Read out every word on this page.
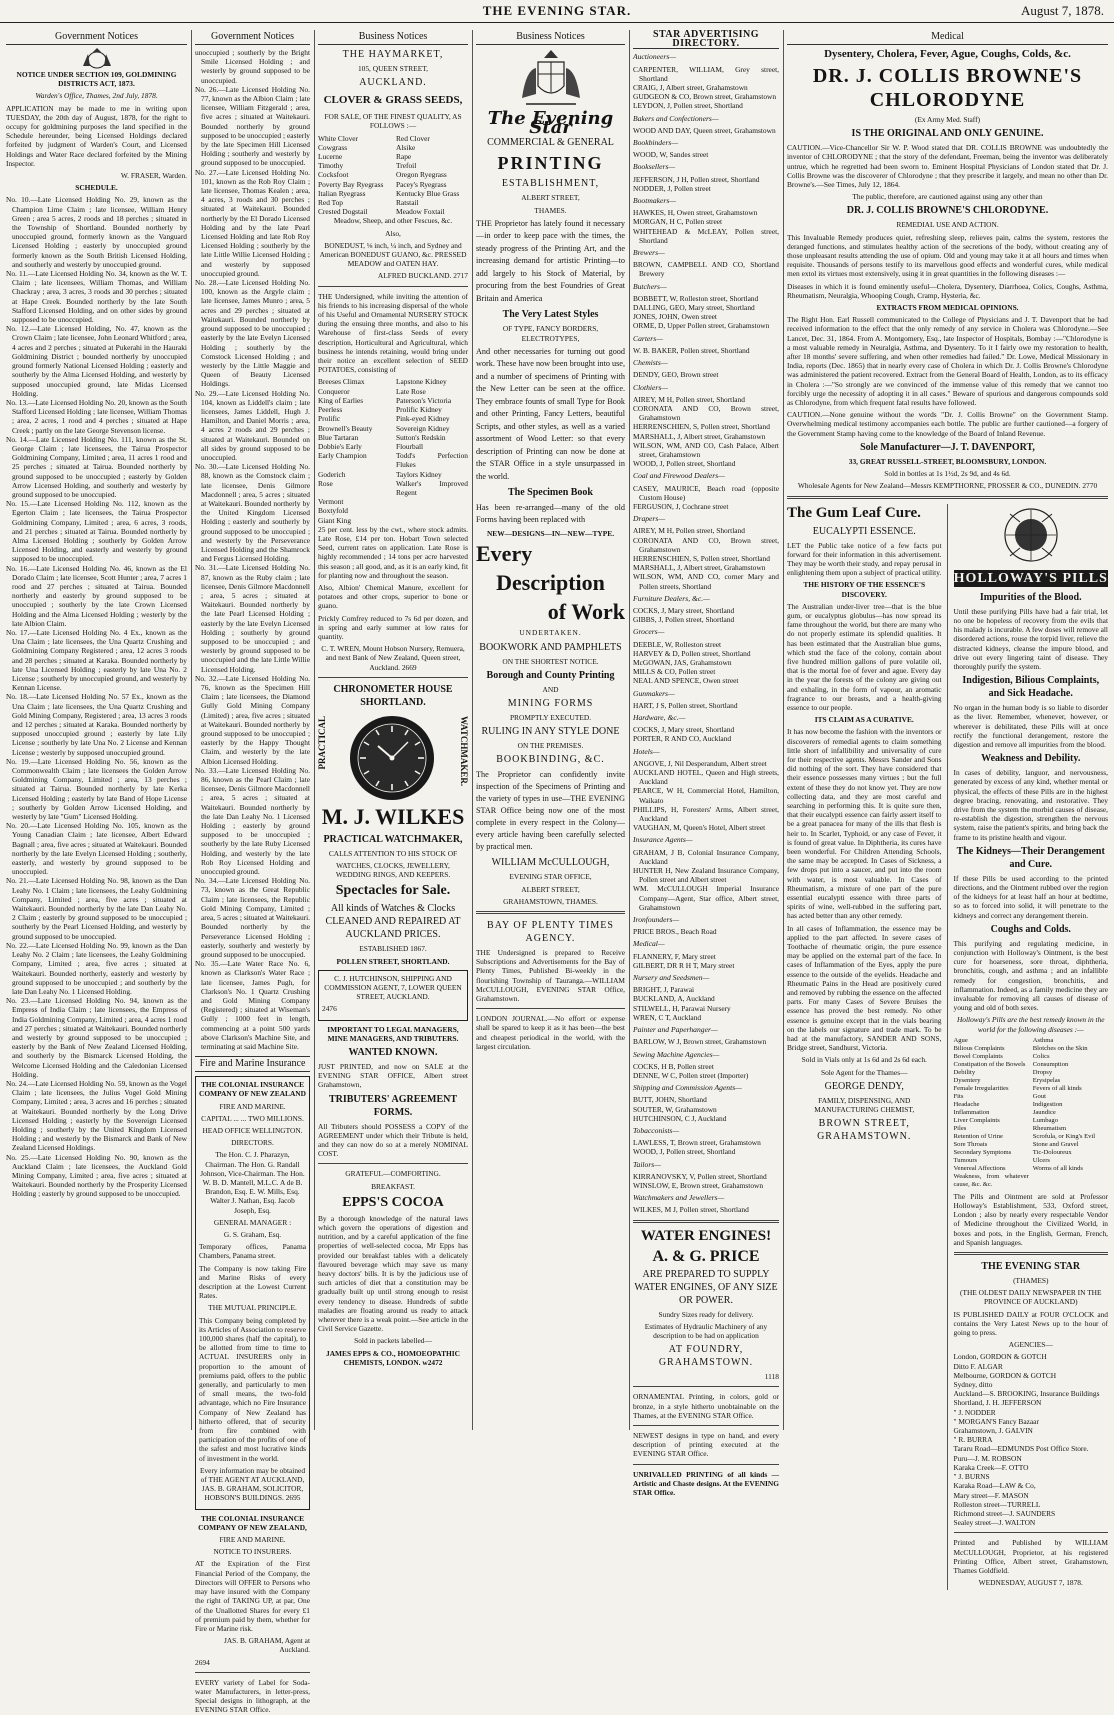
THE EVENING STAR.	August 7, 1878.
Government Notices

NOTICE UNDER SECTION 109, GOLDMINING DISTRICTS ACT, 1873.

Warden's Office, Thames, 2nd July, 1878.

APPLICATION may be made to me in writing upon TUESDAY, the 20th day of August, 1878, for the right to occupy for goldmining purposes the land specified in the Schedule hereunder, being Licensed Holdings declared forfeited by judgment of Warden's Court, and Licensed Holdings and Water Race declared forfeited by the Mining Inspector.

W. FRASER, Warden.

SCHEDULE.

No. 10.—Late Licensed Holding No. 29, known as the Champion Lime Claim ; late licensee, William Henry Green ; area 5 acres, 2 roods and 18 perches ; situated in the Township of Shortland. Bounded northerly by unoccupied ground, formerly known as the Vanguard Licensed Holding ; easterly by unoccupied ground formerly known as the South British Licensed Holding, and southerly and westerly by unoccupied ground.

No. 11.—Late Licensed Holding No. 34, known as the W. T. Claim ; late licensees, William Thomas, and William Chackray ; area, 3 acres, 3 roods and 30 perches ; situated at Hape Creek. Bounded northerly by the late South Stafford Licensed Holding, and on other sides by ground supposed to be unoccupied.

No. 12.—Late Licensed Holding, No. 47, known as the Crown Claim ; late licensee, John Leonard Whitford ; area, 4 acres and 2 perches ; situated at Pukerahi in the Hauraki Goldmining District ; bounded northerly by unoccupied ground formerly National Licensed Holding ; easterly and southerly by the Alma Licensed Holding, and westerly by supposed unoccupied ground, late Midas Licensed Holding.

No. 13.—Late Licensed Holding No. 20, known as the South Stafford Licensed Holding ; late licensee, William Thomas ; area, 2 acres, 1 rood and 4 perches ; situated at Hape Creek ; partly on the late George Stevenson license.

No. 14.—Late Licensed Holding No. 111, known as the St. George Claim ; late licensees, the Tairua Prospector Goldmining Company, Limited ; area, 11 acres 1 rood and 25 perches ; situated at Tairua. Bounded northerly by ground supposed to be unoccupied ; easterly by Golden Arrow Licensed Holding, and southerly and westerly by ground supposed to be unoccupied.

No. 15.—Late Licensed Holding No. 112, known as the Egerton Claim ; late licensees, the Tairua Prospector Goldmining Company, Limited ; area, 6 acres, 3 roods, and 21 perches ; situated at Tairua. Bounded northerly by Alma Licensed Holding ; southerly by Golden Arrow Licensed Holding, and easterly and westerly by ground supposed to be unoccupied.

No. 16.—Late Licensed Holding No. 46, known as the El Dorado Claim ; late licensee, Scott Hunter ; area, 7 acres 1 rood and 27 perches ; situated at Tairua. Bounded northerly and easterly by ground supposed to be unoccupied ; southerly by the late Crown Licensed Holding and the Alma Licensed Holding ; westerly by the late Albion Claim.

No. 17.—Late Licensed Holding No. 4 Ex., known as the Una Claim ; late licensees, the Una Quartz Crushing and Goldmining Company Registered ; area, 12 acres 3 roods and 28 perches ; situated at Karaka. Bounded northerly by late Una Licensed Holding ; easterly by late Una No. 2 License ; southerly by unoccupied ground, and westerly by Kennan License.

No. 18.—Late Licensed Holding No. 57 Ex., known as the Una Claim ; late licensees, the Una Quartz Crushing and Gold Mining Company, Registered ; area, 13 acres 3 roods and 12 perches ; situated at Karaka. Bounded northerly by supposed unoccupied ground ; easterly by late Lily License ; southerly by late Una No. 2 License and Kennan License ; westerly by supposed unoccupied ground.

No. 19.—Late Licensed Holding No. 56, known as the Commonwealth Claim ; late licensees the Golden Arrow Goldmining Company, Limited ; area, 13 perches ; situated at Tairua. Bounded northerly by late Kerka Licensed Holding ; easterly by late Band of Hope License ; southerly by Golden Arrow Licensed Holding, and westerly by late "Gum" Licensed Holding.

No. 20.—Late Licensed Holding No. 105, known as the Young Canadian Claim ; late licensee, Albert Edward Bagnall ; area, five acres ; situated at Waitekauri. Bounded northerly by the late Evelyn Licensed Holding ; southerly, easterly, and westerly by ground supposed to be unoccupied.

No. 21.—Late Licensed Holding No. 98, known as the Dan Leahy No. 1 Claim ; late licensees, the Leahy Goldmining Company, Limited ; area, five acres ; situated at Waitekauri. Bounded northerly by the late Dan Leahy No. 2 Claim ; easterly by ground supposed to be unoccupied ; southerly by the Pearl Licensed Holding, and westerly by ground supposed to be unoccupied.

No. 22.—Late Licensed Holding No. 99, known as the Dan Leahy No. 2 Claim ; late licensees, the Leahy Goldmining Company, Limited ; area, five acres ; situated at Waitekauri. Bounded northerly, easterly and westerly by ground supposed to be unoccupied ; and southerly by the late Dan Leahy No. 1 Licensed Holding.

No. 23.—Late Licensed Holding No. 94, known as the Empress of India Claim ; late licensees, the Empress of India Goldmining Company, Limited ; area, 4 acres 1 rood and 27 perches ; situated at Waitekauri. Bounded northerly and westerly by ground supposed to be unoccupied ; easterly by the Bank of New Zealand Licensed Holding, and southerly by the Bismarck Licensed Holding, the Welcome Licensed Holding and the Caledonian Licensed Holding.

No. 24.—Late Licensed Holding No. 59, known as the Vogel Claim ; late licensees, the Julius Vogel Gold Mining Company, Limited ; area, 3 acres and 16 perches ; situated at Waitekauri. Bounded northerly by the Long Drive Licensed Holding ; easterly by the Sovereign Licensed Holding ; southerly by the United Kingdom Licensed Holding ; and westerly by the Bismarck and Bank of New Zealand Licensed Holdings.

No. 25.—Late Licensed Holding No. 90, known as the Auckland Claim ; late licensees, the Auckland Gold Mining Company, Limited ; area, five acres ; situated at Waitekauri. Bounded northerly by the Prosperity Licensed Holding ; easterly by ground supposed to be unoccupied.

Government Notices

unoccupied ; southerly by the Bright Smile Licensed Holding ; and westerly by ground supposed to be unoccupied.

No. 26.—Late Licensed Holding No. 77, known as the Albion Claim ; late licensee, William Fitzgerald ; area, five acres ; situated at Waitekauri. Bounded northerly by ground supposed to be unoccupied ; easterly by the late Specimen Hill Licensed Holding ; southerly and westerly by ground supposed to be unoccupied.

No. 27.—Late Licensed Holding No. 101, known as the Rob Roy Claim ; late licensee, Thomas Kealen ; area, 4 acres, 3 roods and 30 perches ; situated at Waitekauri. Bounded northerly by the El Dorado Licensed Holding and by the late Pearl Licensed Holding and late Rob Roy Licensed Holding ; southerly by the late Little Willie Licensed Holding ; and westerly by supposed unoccupied ground.

No. 28.—Late Licensed Holding No. 100, known as the Argyle claim ; late licensee, James Munro ; area, 5 acres and 29 perches ; situated at Waitekauri. Bounded northerly by ground supposed to be unoccupied ; easterly by the late Evelyn Licensed Holding ; southerly by the Comstock Licensed Holding ; and westerly by the Little Maggie and Queen of Beauty Licensed Holdings.

No. 29.—Late Licensed Holding No. 104, known as Liddell's claim ; late licensees, James Liddell, Hugh J. Hamilton, and Daniel Morris ; area, 4 acres 2 roods and 29 perches ; situated at Waitekauri. Bounded on all sides by ground supposed to be unoccupied.

No. 30.—Late Licensed Holding No. 88, known as the Comstock claim ; late licensee, Denis Gilmore Macdonnell ; area, 5 acres ; situated at Waitekauri. Bounded northerly by the United Kingdom Licensed Holding ; easterly and southerly by ground supposed to be unoccupied ; and westerly by the Perseverance Licensed Holding and the Shamrock and Fergus Licensed Holding.

No. 31.—Late Licensed Holding No. 87, known as the Ruby claim ; late licensee, Denis Gilmore Macdonnell ; area, 5 acres ; situated at Waitekauri. Bounded northerly by the late Pearl Licensed Holding ; easterly by the late Evelyn Licensed Holding ; southerly by ground supposed to be unoccupied ; and westerly by ground supposed to be unoccupied and the late Little Willie Licensed Holding.

No. 32.—Late Licensed Holding No. 76, known as the Specimen Hill Claim ; late licensees, the Diamond Gully Gold Mining Company (Limited) ; area, five acres ; situated at Waitekauri. Bounded northerly by ground supposed to be unoccupied ; easterly by the Happy Thought Claim, and westerly by the late Albion Licensed Holding.

No. 33.—Late Licensed Holding No. 86, known as the Pearl Claim ; late licensee, Denis Gilmore Macdonnell ; area, 5 acres ; situated at Waitekauri. Bounded northerly by the late Dan Leahy No. 1 Licensed Holding ; easterly by ground supposed to be unoccupied ; southerly by the late Ruby Licensed Holding, and westerly by the late Rob Roy Licensed Holding and unoccupied ground.

No. 34.—Late Licensed Holding No. 73, known as the Great Republic Claim ; late licensees, the Republic Gold Mining Company, Limited ; area, 5 acres ; situated at Waitekauri. Bounded northerly by the Perseverance Licensed Holding ; easterly, southerly and westerly by ground supposed to be unoccupied.

No. 35.—Late Water Race No. 6, known as Clarkson's Water Race ; late licensee, James Pugh, for Clarkson's No. 1 Quartz Crushing and Gold Mining Company (Registered) ; situated at Wiseman's Gully ; 1000 feet in length, commencing at a point 500 yards above Clarkson's Machine Site, and terminating at said Machine Site.

Fire and Marine Insurance

THE COLONIAL INSURANCE COMPANY OF NEW ZEALAND

FIRE AND MARINE.

CAPITAL ... ... TWO MILLIONS.

HEAD OFFICE WELLINGTON.

DIRECTORS.

The Hon. C. J. Pharazyn, Chairman. The Hon. G. Randall Johnson, Vice-Chairman. The Hon. W. B. D. Mantell, M.L.C. A de B. Brandon, Esq. E. W. Mills, Esq. Walter J. Nathan, Esq. Jacob Joseph, Esq.

GENERAL MANAGER :

G. S. Graham, Esq.

Temporary offices, Panama Chambers, Panama street.

The Company is now taking Fire and Marine Risks of every description at the Lowest Current Rates.

THE MUTUAL PRINCIPLE.

This Company being completed by its Articles of Association to reserve 100,000 shares (half the capital), to be allotted from time to time to ACTUAL INSURERS only in proportion to the amount of premiums paid, offers to the public generally, and particularly to men of small means, the two-fold advantage, which no Fire Insurance Company of New Zealand has hitherto offered, that of security from fire combined with participation of the profits of one of the safest and most lucrative kinds of investment in the world.

Every information may be obtained of THE AGENT AT AUCKLAND, JAS. B. GRAHAM, SOLICITOR, HOBSON'S BUILDINGS. 2695

THE COLONIAL INSURANCE COMPANY OF NEW ZEALAND,

FIRE AND MARINE.

NOTICE TO INSURERS.

AT the Expiration of the First Financial Period of the Company, the Directors will OFFER to Persons who may have insured with the Company the right of TAKING UP, at par, One of the Unallotted Shares for every £1 of premium paid by them, whether for Fire or Marine risk.

JAS. B. GRAHAM, Agent at Auckland.

2694

EVERY variety of Label for Soda-water Manufacturers, in letter-press, Special designs in lithograph, at the EVENING STAR Office.

Business Notices

THE HAYMARKET,

105, QUEEN STREET,

AUCKLAND.

CLOVER & GRASS SEEDS,

FOR SALE, OF THE FINEST QUALITY, AS FOLLOWS :—

White Clover	Red Clover
Cowgrass	Alsike
Lucerne	Rape
Timothy	Trefoil
Cocksfoot	Oregon Ryegrass
Poverty Bay Ryegrass	Pacey's Ryegrass
Italian Ryegrass	Kentucky Blue Grass
Red Top	Ratstail
Crested Dogstail	Meadow Foxtail

Meadow, Sheep, and other Fescues, &c.

Also,

BONEDUST, ⅛ inch, ¼ inch, and Sydney and American BONEDUST GUANO, &c. PRESSED MEADOW and OATEN HAY.

ALFRED BUCKLAND. 2717

THE Undersigned, while inviting the attention of his friends to his increasing dispersal of the whole of his Useful and Ornamental NURSERY STOCK during the ensuing three months, and also to his Warehouse of first-class Seeds of every description, Horticultural and Agricultural, which business he intends retaining, would bring under their notice an excellent selection of SEED POTATOES, consisting of

Breeses Climax	Lapstone Kidney
Conqueror	Late Rose
King of Earlies	Paterson's Victoria
Peerless	Prolific Kidney
Prolific	Pink-eyed Kidney
Brownell's Beauty	Sovereign Kidney
Blue Tartaran	Sutton's Redskin
Dobbie's Early	Flourball
Early Champion	Todd's Perfection Flukes
Goderich	Taylors Kidney
Rose	Walker's Improved Regent
Vermont
Boxtyfold
Giant King

25 per cent. less by the cwt., where stock admits. Late Rose, £14 per ton. Hobart Town selected Seed, current rates on application. Late Rose is highly recommended ; 14 tons per acre harvested this season ; all good, and, as it is an early kind, fit for planting now and throughout the season.

Also, Albion' Chemical Manure, excellent for potatoes and other crops, superior to bone or guano.

Prickly Comfrey reduced to 7s 6d per dozen, and in spring and early summer at low rates for quantity.

C. T. WREN, Mount Hobson Nursery, Remuera, and next Bank of New Zealand, Queen street, Auckland. 2669

CHRONOMETER HOUSE SHORTLAND.

PRACTICAL	WATCHMAKER.

M. J. WILKES

PRACTICAL WATCHMAKER,

CALLS ATTENTION TO HIS STOCK OF

WATCHES, CLOCKS, JEWELLERY, WEDDING RINGS, AND KEEPERS.

Spectacles for Sale.

All kinds of Watches & Clocks CLEANED AND REPAIRED AT AUCKLAND PRICES.

ESTABLISHED 1867.

POLLEN STREET, SHORTLAND.

C. J. HUTCHINSON, SHIPPING AND COMMISSION AGENT, 7, LOWER QUEEN STREET, AUCKLAND.

2476

IMPORTANT TO LEGAL MANAGERS, MINE MANAGERS, AND TRIBUTERS.

WANTED KNOWN.

JUST PRINTED, and now on SALE at the EVENING STAR OFFICE, Albert street Grahamstown,

TRIBUTERS' AGREEMENT FORMS.

All Tributers should POSSESS a COPY of the AGREEMENT under which their Tribute is held, and they can now do so at a merely NOMINAL COST.

GRATEFUL—COMFORTING.

BREAKFAST.

EPPS'S COCOA

By a thorough knowledge of the natural laws which govern the operations of digestion and nutrition, and by a careful application of the fine properties of well-selected cocoa, Mr Epps has provided our breakfast tables with a delicately flavoured beverage which may save us many heavy doctors' bills. It is by the judicious use of such articles of diet that a constitution may be gradually built up until strong enough to resist every tendency to disease. Hundreds of subtle maladies are floating around us ready to attack wherever there is a weak point.—See article in the Civil Service Gazette.

Sold in packets labelled—

JAMES EPPS & CO., HOMOEOPATHIC CHEMISTS, LONDON. w2472

Business Notices

The Evening Star

COMMERCIAL & GENERAL

PRINTING

ESTABLISHMENT,

ALBERT STREET,

THAMES.

THE Proprietor has lately found it necessary—in order to keep pace with the times, the steady progress of the Printing Art, and the increasing demand for artistic Printing—to add largely to his Stock of Material, by procuring from the best Foundries of Great Britain and America

The Very Latest Styles

OF TYPE, FANCY BORDERS, ELECTROTYPES,

And other necessaries for turning out good work. These have now been brought into use, and a number of specimens of Printing with the New Letter can be seen at the office. They embrace founts of small Type for Book and other Printing, Fancy Letters, beautiful Scripts, and other styles, as well as a varied assortment of Wood Letter: so that every description of Printing can now be done at the STAR Office in a style unsurpassed in the world.

The Specimen Book

Has been re-arranged—many of the old Forms having been replaced with

NEW—DESIGNS—IN—NEW—TYPE.

Every

Description

of Work

UNDERTAKEN.

BOOKWORK AND PAMPHLETS

ON THE SHORTEST NOTICE.

Borough and County Printing

AND

MINING FORMS

PROMPTLY EXECUTED.

RULING IN ANY STYLE DONE

ON THE PREMISES.

BOOKBINDING, &C.

The Proprietor can confidently invite inspection of the Specimens of Printing and the variety of types in use—THE EVENING STAR Office being now one of the most complete in every respect in the Colony—every article having been carefully selected by practical men.

WILLIAM McCULLOUGH,

EVENING STAR OFFICE,

ALBERT STREET,

GRAHAMSTOWN, THAMES.

BAY OF PLENTY TIMES AGENCY.

THE Undersigned is prepared to Receive Subscriptions and Advertisements for the Bay of Plenty Times, Published Bi-weekly in the flourishing Township of Tauranga.—WILLIAM McCULLOUGH, EVENING STAR Office, Grahamstown.

LONDON JOURNAL.—No effort or expense shall be spared to keep it as it has been—the best and cheapest periodical in the world, with the largest circulation.

STAR ADVERTISING DIRECTORY.

Auctioneers—

CARPENTER, WILLIAM, Grey street, Shortland

CRAIG, J, Albert street, Grahamstown

GUDGEON & CO, Brown street, Grahamstown

LEYDON, J, Pollen street, Shortland

Bakers and Confectioners—

WOOD AND DAY, Queen street, Grahamstown

Bookbinders—

WOOD, W, Sandes street

Booksellers—

JEFFERSON, J H, Pollen street, Shortland

NODDER, J, Pollen street

Bootmakers—

HAWKES, H, Owen street, Grahamstown

MORGAN, H C, Pollen street

WHITEHEAD & McLEAY, Pollen street, Shortland

Brewers—

BROWN, CAMPBELL AND CO, Shortland Brewery

Butchers—

BOBBETT, W, Rolleston street, Shortland

DALLING, GEO, Mary street, Shortland

JONES, JOHN, Owen street

ORME, D, Upper Pollen street, Grahamstown

Carters—

W. B. BAKER, Pollen street, Shortland

Chemists—

DENDY, GEO, Brown street

Clothiers—

AIREY, M H, Pollen street, Shortland

CORONATA AND CO, Brown street, Grahamstown

HERRENSCHIEN, S, Pollen street, Shortland

MARSHALL, J, Albert street, Grahamstown

WILSON, WM, AND CO, Cash Palace, Albert street, Grahamstown

WOOD, J, Pollen street, Shortland

Coal and Firewood Dealers—

CASEY, MAURICE, Beach road (opposite Custom House)

FERGUSON, J, Cochrane street

Drapers—

AIREY, M H, Pollen street, Shortland

CORONATA AND CO, Brown street, Grahamstown

HERRENSCHIEN, S, Pollen street, Shortland

MARSHALL, J, Albert street, Grahamstown

WILSON, WM, AND CO, corner Mary and Pollen streets, Shortland

Furniture Dealers, &c.—

COCKS, J, Mary street, Shortland

GIBBS, J, Pollen street, Shortland

Grocers—

DEEBLE, W, Rolleston street

HARVEY & D, Pollen street, Shortland

McGOWAN, JAS, Grahamstown

MILLS & CO, Pollen street

NEAL AND SPENCE, Owen street

Gunmakers—

HART, J S, Pollen street, Shortland

Hardware, &c.—

COCKS, J, Mary street, Shortland

PORTER, R AND CO, Auckland

Hotels—

ANGOVE, J, Nil Desperandum, Albert street

AUCKLAND HOTEL, Queen and High streets, Auckland

PEARCE, W H, Commercial Hotel, Hamilton, Waikato

PHILLIPS, H, Foresters' Arms, Albert street, Auckland

VAUGHAN, M, Queen's Hotel, Albert street

Insurance Agents—

GRAHAM, J B, Colonial Insurance Company, Auckland

HUNTER H, New Zealand Insurance Company, Pollen street and Albert street

WM. McCULLOUGH Imperial Insurance Company—Agent, Star office, Albert street, Grahamstown

Ironfounders—

PRICE BROS., Beach Road

Medical—

FLANNERY, F, Mary street

GILBERT, DR R H T, Mary street

Nursery and Seedsmen—

BRIGHT, J, Parawai

BUCKLAND, A, Auckland

STILWELL, H, Parawai Nursery

WREN, C T, Auckland

Painter and Paperhanger—

BARLOW, W J, Brown street, Grahamstown

Sewing Machine Agencies—

COCKS, H B, Pollen street

DENNE, W C, Pollen street (Importer)

Shipping and Commission Agents—

BUTT, JOHN, Shortland

SOUTER, W, Grahamstown

HUTCHINSON, C J, Auckland

Tobacconists—

LAWLESS, T, Brown street, Grahamstown

WOOD, J, Pollen street, Shortland

Tailors—

KIRRANOVSKY, V, Pollen street, Shortland

WINSLOW, E, Brown street, Grahamstown

Watchmakers and Jewellers—

WILKES, M J, Pollen street, Shortland

WATER ENGINES!

A. & G. PRICE

ARE PREPARED TO SUPPLY WATER ENGINES, OF ANY SIZE OR POWER.

Sundry Sizes ready for delivery.

Estimates of Hydraulic Machinery of any description to be had on application

AT FOUNDRY, GRAHAMSTOWN.

1118

ORNAMENTAL Printing, in colors, gold or bronze, in a style hitherto unobtainable on the Thames, at the EVENING STAR Office.

NEWEST designs in type on hand, and every description of printing executed at the EVENING STAR Office.

UNRIVALLED PRINTING of all kinds —Artistic and Chaste designs. At the EVENING STAR Office.

Medical

Dysentery, Cholera, Fever, Ague, Coughs, Colds, &c.

DR. J. COLLIS BROWNE'S CHLORODYNE

(Ex Army Med. Staff)

IS THE ORIGINAL AND ONLY GENUINE.

CAUTION.—Vice-Chancellor Sir W. P. Wood stated that DR. COLLIS BROWNE was undoubtedly the inventor of CHLORODYNE ; that the story of the defendant, Freeman, being the inventor was deliberately untrue, which he regretted had been sworn to. Eminent Hospital Physicians of London stated that Dr. J. Collis Browne was the discoverer of Chlorodyne ; that they prescribe it largely, and mean no other than Dr. Browne's.—See Times, July 12, 1864.

The public, therefore, are cautioned against using any other than

DR. J. COLLIS BROWNE'S CHLORODYNE.

REMEDIAL USE AND ACTION.

This Invaluable Remedy produces quiet, refreshing sleep, relieves pain, calms the system, restores the deranged functions, and stimulates healthy action of the secretions of the body, without creating any of those unpleasant results attending the use of opium. Old and young may take it at all hours and times when requisite. Thousands of persons testify to its marvellous good effects and wonderful cures, while medical men extol its virtues most extensively, using it in great quantities in the following diseases :—

Diseases in which it is found eminently useful—Cholera, Dysentery, Diarrhoea, Colics, Coughs, Asthma, Rheumatism, Neuralgia, Whooping Cough, Cramp, Hysteria, &c.

EXTRACTS FROM MEDICAL OPINIONS.

The Right Hon. Earl Russell communicated to the College of Physicians and J. T. Davenport that he had received information to the effect that the only remedy of any service in Cholera was Chlorodyne.—See Lancet, Dec. 31, 1864. From A. Montgomery, Esq., late Inspector of Hospitals, Bombay :—"Chlorodyne is a most valuable remedy in Neuralgia, Asthma, and Dysentery. To it I fairly owe my restoration to health, after 18 months' severe suffering, and when other remedies had failed." Dr. Lowe, Medical Missionary in India, reports (Dec. 1865) that in nearly every case of Cholera in which Dr. J. Collis Browne's Chlorodyne was administered the patient recovered. Extract from the General Board of Health, London, as to its efficacy in Cholera :—"So strongly are we convinced of the immense value of this remedy that we cannot too forcibly urge the necessity of adopting it in all cases." Beware of spurious and dangerous compounds sold as Chlorodyne, from which frequent fatal results have followed.

CAUTION.—None genuine without the words "Dr. J. Collis Browne" on the Government Stamp. Overwhelming medical testimony accompanies each bottle. The public are further cautioned—a forgery of the Government Stamp having come to the knowledge of the Board of Inland Revenue.

Sole Manufacturer—J. T. DAVENPORT,

33, GREAT RUSSELL-STREET, BLOOMSBURY, LONDON.

Sold in bottles at 1s 1½d, 2s 9d, and 4s 6d.

Wholesale Agents for New Zealand—Messrs KEMPTHORNE, PROSSER & CO., DUNEDIN. 2770

The Gum Leaf Cure.

EUCALYPTI ESSENCE.

LET the Public take notice of a few facts put forward for their information in this advertisement. They may be worth their study, and repay perusal in enlightening them upon a subject of practical utility.

THE HISTORY OF THE ESSENCE'S DISCOVERY.

The Australian under-liver tree—that is the blue gum, or eucalyptus globulus—has now spread its fame throughout the world, but there are many who do not properly estimate its splendid qualities. It has been estimated that the Australian blue gums, which stud the face of the colony, contain about five hundred million gallons of pure volatile oil, that is the mortal foe of fever and ague. Every day in the year the forests of the colony are giving out and exhaling, in the form of vapour, an aromatic fragrance to our breasts, and a health-giving essence to our people.

ITS CLAIM AS A CURATIVE.

It has now become the fashion with the inventors or discoverers of remedial agents to claim something little short of infallibility and universality of cure for their respective agents. Messrs Sander and Sons did nothing of the sort. They have considered that their essence possesses many virtues ; but the full extent of these they do not know yet. They are now collecting data, and they are most careful and searching in performing this. It is quite sure then, that their eucalypti essence can fairly assert itself to be a great panacea for many of the ills that flesh is heir to. In Scarlet, Typhoid, or any case of Fever, it is found of great value. In Diphtheria, its cures have been wonderful. For Children Attending Schools, the same may be accepted. In Cases of Sickness, a few drops put into a saucer, and put into the room with water, is most valuable. In Cases of Rheumatism, a mixture of one part of the pure essential eucalypti essence with three parts of spirits of wine, well-rubbed in the suffering part, has acted better than any other remedy.

In all cases of Inflammation, the essence may be applied to the part affected. In severe cases of Toothache of rheumatic origin, the pure essence may be applied on the external part of the face. In cases of Inflammation of the Eyes, apply the pure essence to the outside of the eyelids. Headache and Rheumatic Pains in the Head are positively cured and removed by rubbing the essence on the affected parts. For many Cases of Severe Bruises the essence has proved the best remedy. No other essence is genuine except that in the vials bearing on the labels our signature and trade mark. To be had at the manufactory, SANDER AND SONS, Bridge street, Sandhurst, Victoria.

Sold in Vials only at 1s 6d and 2s 6d each.

Sole Agent for the Thames—

GEORGE DENDY,

FAMILY, DISPENSING, AND MANUFACTURING CHEMIST,

BROWN STREET, GRAHAMSTOWN.

HOLLOWAY'S PILLS

Impurities of the Blood.

Until these purifying Pills have had a fair trial, let no one be hopeless of recovery from the evils that his malady is incurable. A few doses will remove all disordered actions, rouse the torpid liver, relieve the distracted kidneys, cleanse the impure blood, and drive out every lingering taint of disease. They thoroughly purify the system.

Indigestion, Bilious Complaints, and Sick Headache.

No organ in the human body is so liable to disorder as the liver. Remember, whenever, however, or wherever is debilitated, these Pills will at once rectify the functional derangement, restore the digestion and remove all impurities from the blood.

Weakness and Debility.

In cases of debility, languor, and nervousness, generated by excess of any kind, whether mental or physical, the effects of these Pills are in the highest degree bracing, renovating, and restorative. They drive from the system the morbid causes of disease, re-establish the digestion, strengthen the nervous system, raise the patient's spirits, and bring back the frame to its pristine health and vigour.

The Kidneys—Their Derangement and Cure.

If these Pills be used according to the printed directions, and the Ointment rubbed over the region of the kidneys for at least half an hour at bedtime, so as to forced into solid, it will penetrate to the kidneys and correct any derangement therein.

Coughs and Colds.

This purifying and regulating medicine, in conjunction with Holloway's Ointment, is the best cure for hoarseness, sore throat, diphtheria, bronchitis, cough, and asthma ; and an infallible remedy for congestion, bronchitis, and inflammation. Indeed, as a family medicine they are invaluable for removing all causes of disease of young and old of both sexes.

Holloway's Pills are the best remedy known in the world for the following diseases :—

Ague	Asthma
Bilious Complaints	Blotches on the Skin
Bowel Complaints	Colics
Constipation of the Bowels	Consumption
Debility	Dropsy
Dysentery	Erysipelas
Female Irregularities	Fevers of all kinds
Fits	Gout
Headache	Indigestion
Inflammation	Jaundice
Liver Complaints	Lumbago
Piles	Rheumatism
Retention of Urine	Scrofula, or King's Evil
Sore Throats	Stone and Gravel
Secondary Symptoms	Tic-Doloureux
Tumours	Ulcers
Venereal Affections	Worms of all kinds
Weakness, from whatever cause, &c. &c.

The Pills and Ointment are sold at Professor Holloway's Establishment, 533, Oxford street, London ; also by nearly every respectable Vendor of Medicine throughout the Civilized World, in boxes and pots, in the English, German, French, and Spanish languages.

THE EVENING STAR

(THAMES)

(THE OLDEST DAILY NEWSPAPER IN THE PROVINCE OF AUCKLAND)

IS PUBLISHED DAILY at FOUR O'CLOCK and contains the Very Latest News up to the hour of going to press.

AGENCIES—

London, GORDON & GOTCH

Ditto F. ALGAR

Melbourne, GORDON & GOTCH

Sydney, ditto

Auckland—S. BROOKING, Insurance Buildings

Shortland, J. H. JEFFERSON

" J. NODDER

" MORGAN'S Fancy Bazaar

Grahamstown, J. GALVIN

" R. BURRA

Tararu Road—EDMUNDS Post Office Store.

Puru—J. M. ROBSON

Karaka Creek—F. OTTO

" J. BURNS

Karaka Road—LAW & Co,

Mary street—F. MASON

Rolleston street—TURRELL

Richmond street—J. SAUNDERS

Sealey street—J. WALTON

Printed and Published by WILLIAM McCULLOUGH, Proprietor, at his registered Printing Office, Albert street, Grahamstown, Thames Goldfield.

WEDNESDAY, AUGUST 7, 1878.
